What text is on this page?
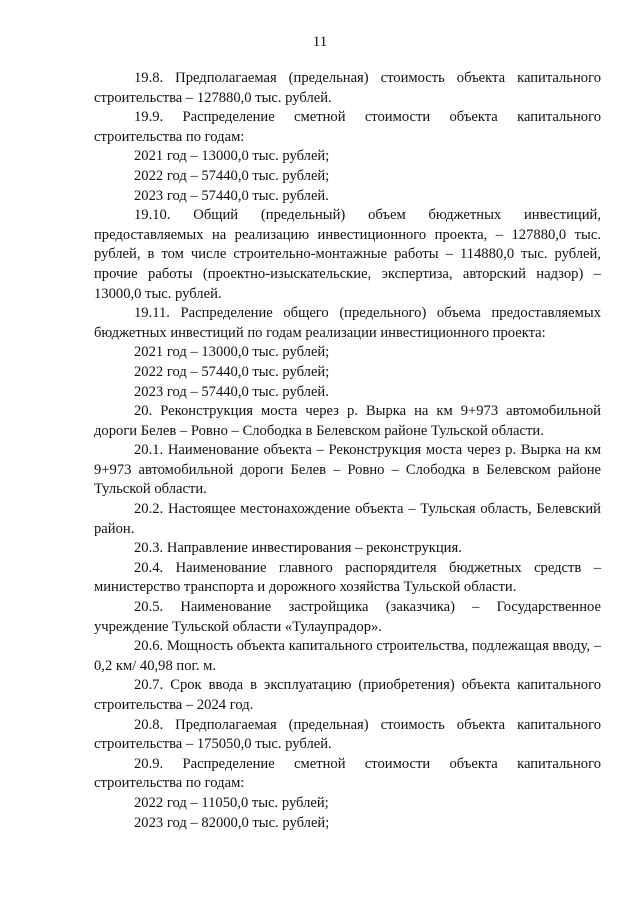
11

19.8. Предполагаемая (предельная) стоимость объекта капитального строительства – 127880,0 тыс. рублей.

19.9. Распределение сметной стоимости объекта капитального строительства по годам:

2021 год – 13000,0 тыс. рублей;

2022 год – 57440,0 тыс. рублей;

2023 год – 57440,0 тыс. рублей.

19.10. Общий (предельный) объем бюджетных инвестиций, предоставляемых на реализацию инвестиционного проекта, – 127880,0 тыс. рублей, в том числе строительно-монтажные работы – 114880,0 тыс. рублей, прочие работы (проектно-изыскательские, экспертиза, авторский надзор) – 13000,0 тыс. рублей.

19.11. Распределение общего (предельного) объема предоставляемых бюджетных инвестиций по годам реализации инвестиционного проекта:

2021 год – 13000,0 тыс. рублей;

2022 год – 57440,0 тыс. рублей;

2023 год – 57440,0 тыс. рублей.

20. Реконструкция моста через р. Вырка на км 9+973 автомобильной дороги Белев – Ровно – Слободка в Белевском районе Тульской области.

20.1. Наименование объекта – Реконструкция моста через р. Вырка на км 9+973 автомобильной дороги Белев – Ровно – Слободка в Белевском районе Тульской области.

20.2. Настоящее местонахождение объекта – Тульская область, Белевский район.

20.3. Направление инвестирования – реконструкция.

20.4. Наименование главного распорядителя бюджетных средств – министерство транспорта и дорожного хозяйства Тульской области.

20.5. Наименование застройщика (заказчика) – Государственное учреждение Тульской области «Тулаупрадор».

20.6. Мощность объекта капитального строительства, подлежащая вводу, – 0,2 км/ 40,98 пог. м.

20.7. Срок ввода в эксплуатацию (приобретения) объекта капитального строительства – 2024 год.

20.8. Предполагаемая (предельная) стоимость объекта капитального строительства – 175050,0 тыс. рублей.

20.9. Распределение сметной стоимости объекта капитального строительства по годам:

2022 год – 11050,0 тыс. рублей;

2023 год – 82000,0 тыс. рублей;
